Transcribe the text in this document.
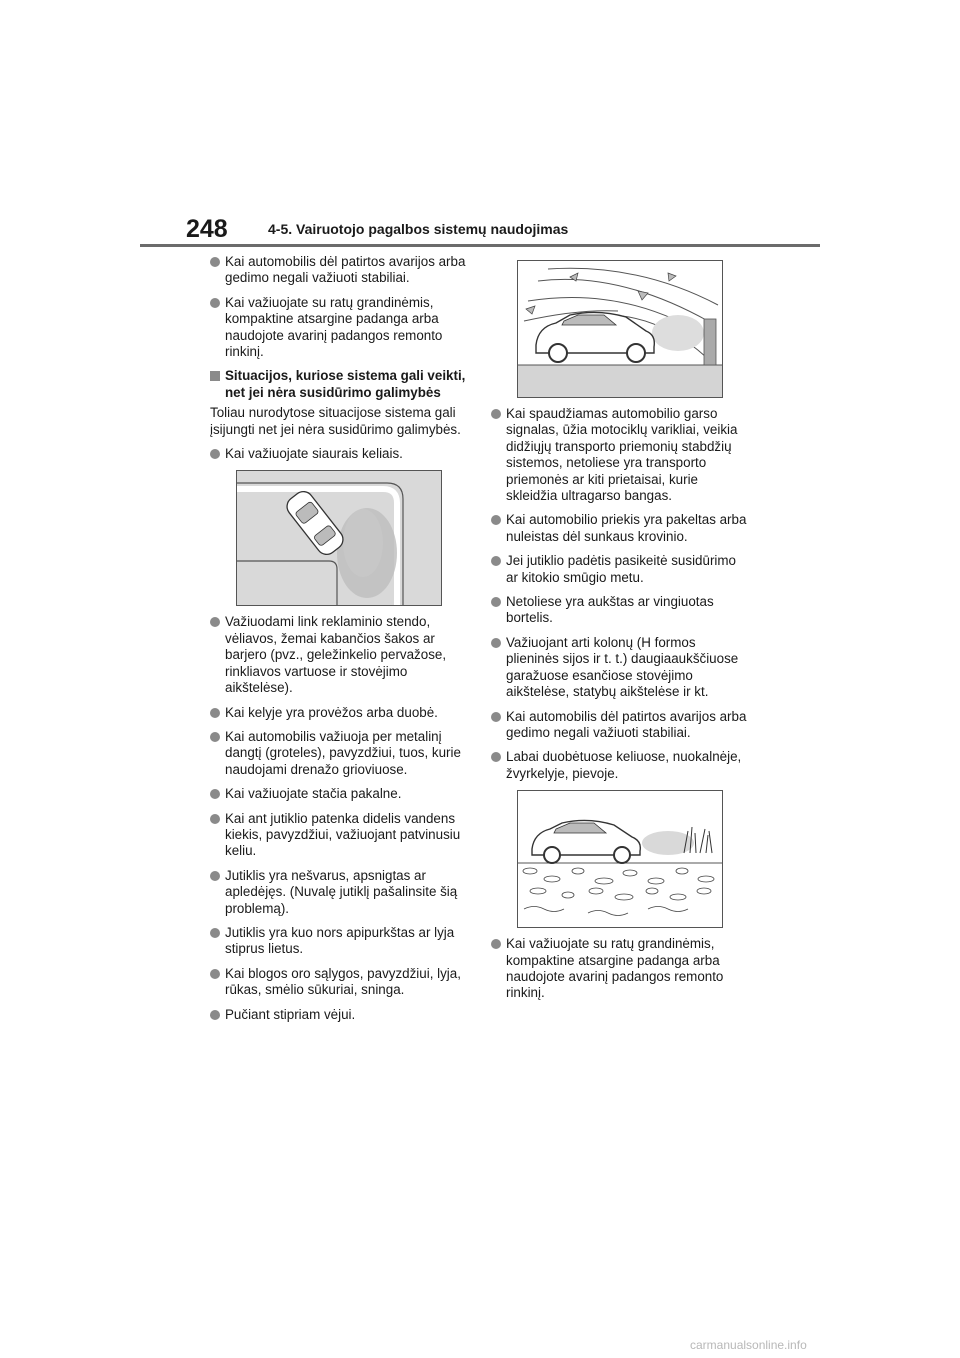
248	4-5. Vairuotojo pagalbos sistemų naudojimas
Kai automobilis dėl patirtos avarijos arba gedimo negali važiuoti stabiliai.
Kai važiuojate su ratų grandinėmis, kompaktine atsargine padanga arba naudojote avarinį padangos remonto rinkinį.
Situacijos, kuriose sistema gali veikti, net jei nėra susidūrimo galimybės
Toliau nurodytose situacijose sistema gali įsijungti net jei nėra susidūrimo galimybės.
Kai važiuojate siaurais keliais.
Važiuodami link reklaminio stendo, vėliavos, žemai kabančios šakos ar barjero (pvz., geležinkelio pervažose, rinkliavos vartuose ir stovėjimo aikštelėse).
Kai kelyje yra provėžos arba duobė.
Kai automobilis važiuoja per metalinį dangtį (groteles), pavyzdžiui, tuos, kurie naudojami drenažo grioviuose.
Kai važiuojate stačia pakalne.
Kai ant jutiklio patenka didelis vandens kiekis, pavyzdžiui, važiuojant patvinusiu keliu.
Jutiklis yra nešvarus, apsnigtas ar apledėjęs. (Nuvalę jutiklį pašalinsite šią problemą).
Jutiklis yra kuo nors apipurkštas ar lyja stiprus lietus.
Kai blogos oro sąlygos, pavyzdžiui, lyja, rūkas, smėlio sūkuriai, sninga.
Pučiant stipriam vėjui.
Kai spaudžiamas automobilio garso signalas, ūžia motociklų varikliai, veikia didžiųjų transporto priemonių stabdžių sistemos, netoliese yra transporto priemonės ar kiti prietaisai, kurie skleidžia ultragarso bangas.
Kai automobilio priekis yra pakeltas arba nuleistas dėl sunkaus krovinio.
Jei jutiklio padėtis pasikeitė susidūrimo ar kitokio smūgio metu.
Netoliese yra aukštas ar vingiuotas bortelis.
Važiuojant arti kolonų (H formos plieninės sijos ir t. t.) daugiaaukščiuose garažuose esančiose stovėjimo aikštelėse, statybų aikštelėse ir kt.
Kai automobilis dėl patirtos avarijos arba gedimo negali važiuoti stabiliai.
Labai duobėtuose keliuose, nuokalnėje, žvyrkelyje, pievoje.
Kai važiuojate su ratų grandinėmis, kompaktine atsargine padanga arba naudojote avarinį padangos remonto rinkinį.
carmanualsonline.info
